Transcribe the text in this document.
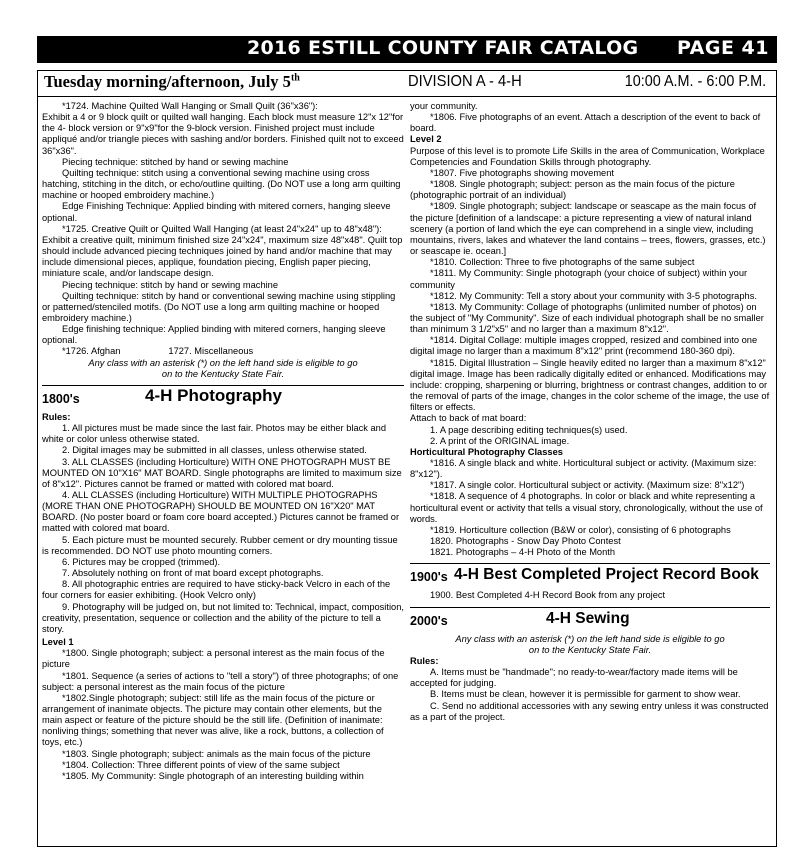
2016 ESTILL COUNTY FAIR CATALOG PAGE 41
Tuesday morning/afternoon, July 5th	DIVISION A - 4-H	10:00 A.M. - 6:00 P.M.

*1724. Machine Quilted Wall Hanging or Small Quilt (36"x36"):

Exhibit a 4 or 9 block quilt or quilted wall hanging. Each block must measure 12"x 12"for the 4- block version or 9"x9"for the 9-block version. Finished project must include appliqué and/or triangle pieces with sashing and/or borders. Finished quilt not to exceed 36"x36".

Piecing technique: stitched by hand or sewing machine

Quilting technique: stitch using a conventional sewing machine using cross hatching, stitching in the ditch, or echo/outline quilting. (Do NOT use a long arm quilting machine or hooped embroidery machine.)

Edge Finishing Technique: Applied binding with mitered corners, hanging sleeve optional.

*1725. Creative Quilt or Quilted Wall Hanging (at least 24"x24" up to 48"x48"): Exhibit a creative quilt, minimum finished size 24"x24", maximum size 48"x48". Quilt top should include advanced piecing techniques joined by hand and/or machine that may include dimensional pieces, applique, foundation piecing, English paper piecing, miniature scale, and/or landscape design.

Piecing technique: stitch by hand or sewing machine

Quilting technique: stitch by hand or conventional sewing machine using stippling or patterned/stenciled motifs. (Do NOT use a long arm quilting machine or hooped embroidery machine.)

Edge finishing technique: Applied binding with mitered corners, hanging sleeve optional.

*1726. Afghan	1727. Miscellaneous

Any class with an asterisk (*) on the left hand side is eligible to go on to the Kentucky State Fair.

1800's	4-H Photography

Rules:

1. All pictures must be made since the last fair. Photos may be either black and white or color unless otherwise stated.

2. Digital images may be submitted in all classes, unless otherwise stated.

3. ALL CLASSES (including Horticulture) WITH ONE PHOTOGRAPH MUST BE MOUNTED ON 10"X16" MAT BOARD. Single photographs are limited to maximum size of 8"x12". Pictures cannot be framed or matted with colored mat board.

4. ALL CLASSES (including Horticulture) WITH MULTIPLE PHOTOGRAPHS (MORE THAN ONE PHOTOGRAPH) SHOULD BE MOUNTED ON 16"X20" MAT BOARD. (No poster board or foam core board accepted.) Pictures cannot be framed or matted with colored mat board.

5. Each picture must be mounted securely. Rubber cement or dry mounting tissue is recommended. DO NOT use photo mounting corners.

6. Pictures may be cropped (trimmed).

7. Absolutely nothing on front of mat board except photographs.

8. All photographic entries are required to have sticky-back Velcro in each of the four corners for easier exhibiting. (Hook Velcro only)

9. Photography will be judged on, but not limited to: Technical, impact, composition, creativity, presentation, sequence or collection and the ability of the picture to tell a story.

Level 1

*1800. Single photograph; subject: a personal interest as the main focus of the picture

*1801. Sequence (a series of actions to "tell a story") of three photographs; of one subject: a personal interest as the main focus of the picture

*1802.Single photograph; subject: still life as the main focus of the picture or arrangement of inanimate objects. The picture may contain other elements, but the main aspect or feature of the picture should be the still life. (Definition of inanimate: nonliving things; something that never was alive, like a rock, buttons, a collection of toys, etc.)

*1803. Single photograph; subject: animals as the main focus of the picture

*1804. Collection: Three different points of view of the same subject

*1805. My Community: Single photograph of an interesting building within

your community.

*1806. Five photographs of an event. Attach a description of the event to back of board.

Level 2

Purpose of this level is to promote Life Skills in the area of Communication, Workplace Competencies and Foundation Skills through photography.

*1807. Five photographs showing movement

*1808. Single photograph; subject: person as the main focus of the picture (photographic portrait of an individual)

*1809. Single photograph; subject: landscape or seascape as the main focus of the picture [definition of a landscape: a picture representing a view of natural inland scenery (a portion of land which the eye can comprehend in a single view, including mountains, rivers, lakes and whatever the land contains – trees, flowers, grasses, etc.) or seascape ie. ocean.]

*1810. Collection: Three to five photographs of the same subject

*1811. My Community: Single photograph (your choice of subject) within your community

*1812. My Community: Tell a story about your community with 3-5 photographs.

*1813. My Community: Collage of photographs (unlimited number of photos) on the subject of "My Community". Size of each individual photograph shall be no smaller than minimum 3 1/2"x5" and no larger than a maximum 8"x12".

*1814. Digital Collage: multiple images cropped, resized and combined into one digital image no larger than a maximum 8"x12" print (recommend 180-360 dpi).

*1815. Digital Illustration – Single heavily edited no larger than a maximum 8"x12" digital image. Image has been radically digitally edited or enhanced. Modifications may include: cropping, sharpening or blurring, brightness or contrast changes, addition to or the removal of parts of the image, changes in the color scheme of the image, the use of filters or effects.

Attach to back of mat board:

1. A page describing editing techniques(s) used.

2. A print of the ORIGINAL image.

Horticultural Photography Classes

*1816. A single black and white. Horticultural subject or activity. (Maximum size: 8"x12").

*1817. A single color. Horticultural subject or activity. (Maximum size: 8"x12")

*1818. A sequence of 4 photographs. In color or black and white representing a horticultural event or activity that tells a visual story, chronologically, without the use of words.

*1819. Horticulture collection (B&W or color), consisting of 6 photographs

1820. Photographs - Snow Day Photo Contest

1821. Photographs – 4-H Photo of the Month

1900's 4-H Best Completed Project Record Book

1900. Best Completed 4-H Record Book from any project

2000's	4-H Sewing

Any class with an asterisk (*) on the left hand side is eligible to go on to the Kentucky State Fair.

Rules:

A. Items must be "handmade"; no ready-to-wear/factory made items will be accepted for judging.

B. Items must be clean, however it is permissible for garment to show wear.

C. Send no additional accessories with any sewing entry unless it was constructed as a part of the project.
